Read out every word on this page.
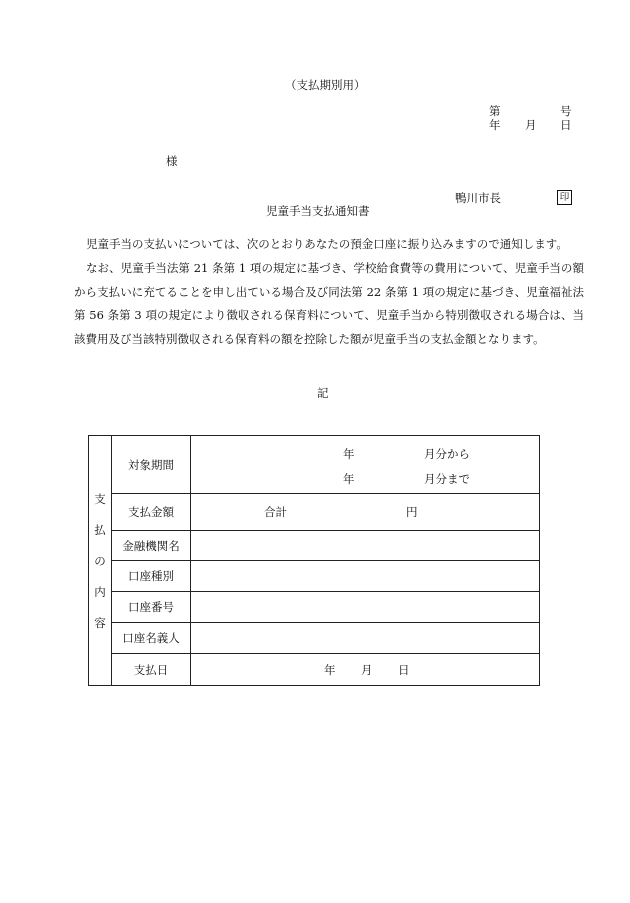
（支払期別用）
第	号
年 月 日
様
鴨川市長	印
児童手当支払通知書
児童手当の支払いについては、次のとおりあなたの預金口座に振り込みますので通知します。
なお、児童手当法第 21 条第 1 項の規定に基づき、学校給食費等の費用について、児童手当の額から支払いに充てることを申し出ている場合及び同法第 22 条第 1 項の規定に基づき、児童福祉法第 56 条第 3 項の規定により徴収される保育料について、児童手当から特別徴収される場合は、当該費用及び当該特別徴収される保育料の額を控除した額が児童手当の支払金額となります。
記
支
払
の
内
容	対象期間	年 月分から
年 月分まで

	支払金額	合計 円

	金融機関名	
	口座種別	
	口座番号	
	口座名義人	
	支払日	年 月 日
